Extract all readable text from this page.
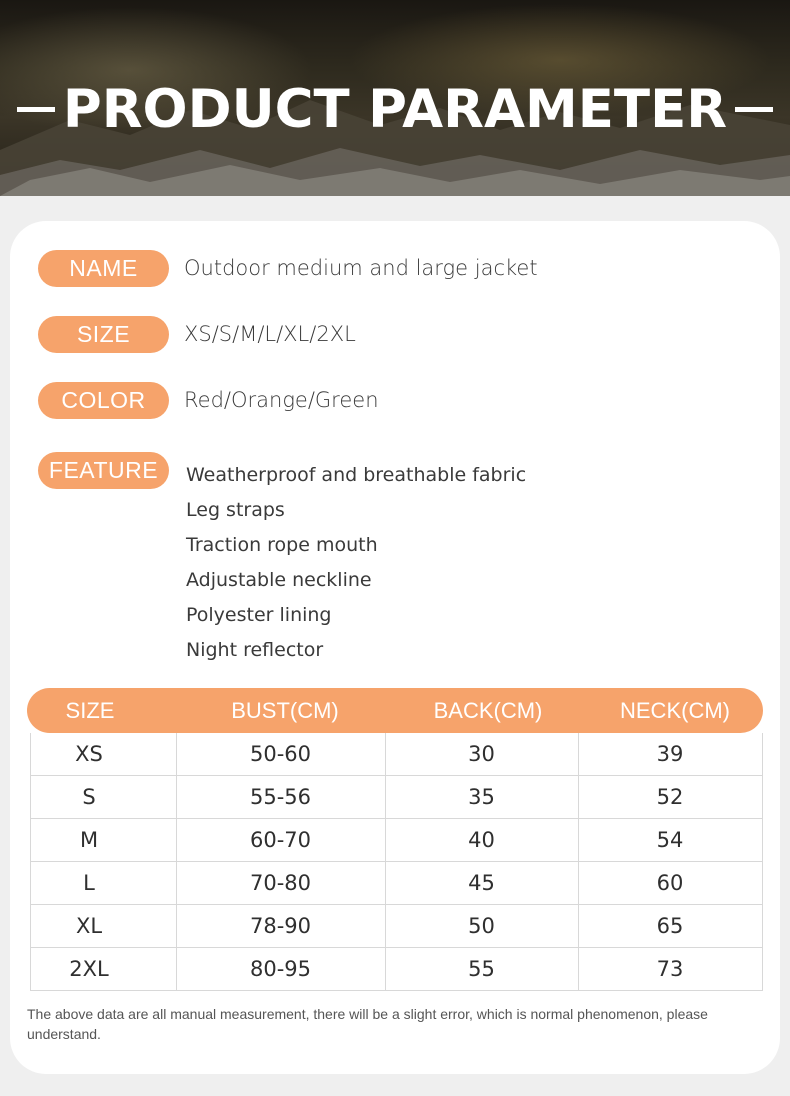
PRODUCT PARAMETER
NAME	Outdoor medium and large jacket
SIZE	XS/S/M/L/XL/2XL
COLOR	Red/Orange/Green
FEATURE	Weatherproof and breathable fabric
Leg straps
Traction rope mouth
Adjustable neckline
Polyester lining
Night reflector
SIZE	BUST(CM)	BACK(CM)	NECK(CM)
XS	50-60	30	39
S	55-56	35	52
M	60-70	40	54
L	70-80	45	60
XL	78-90	50	65
2XL	80-95	55	73
The above data are all manual measurement, there will be a slight error, which is normal phenomenon, please understand.
